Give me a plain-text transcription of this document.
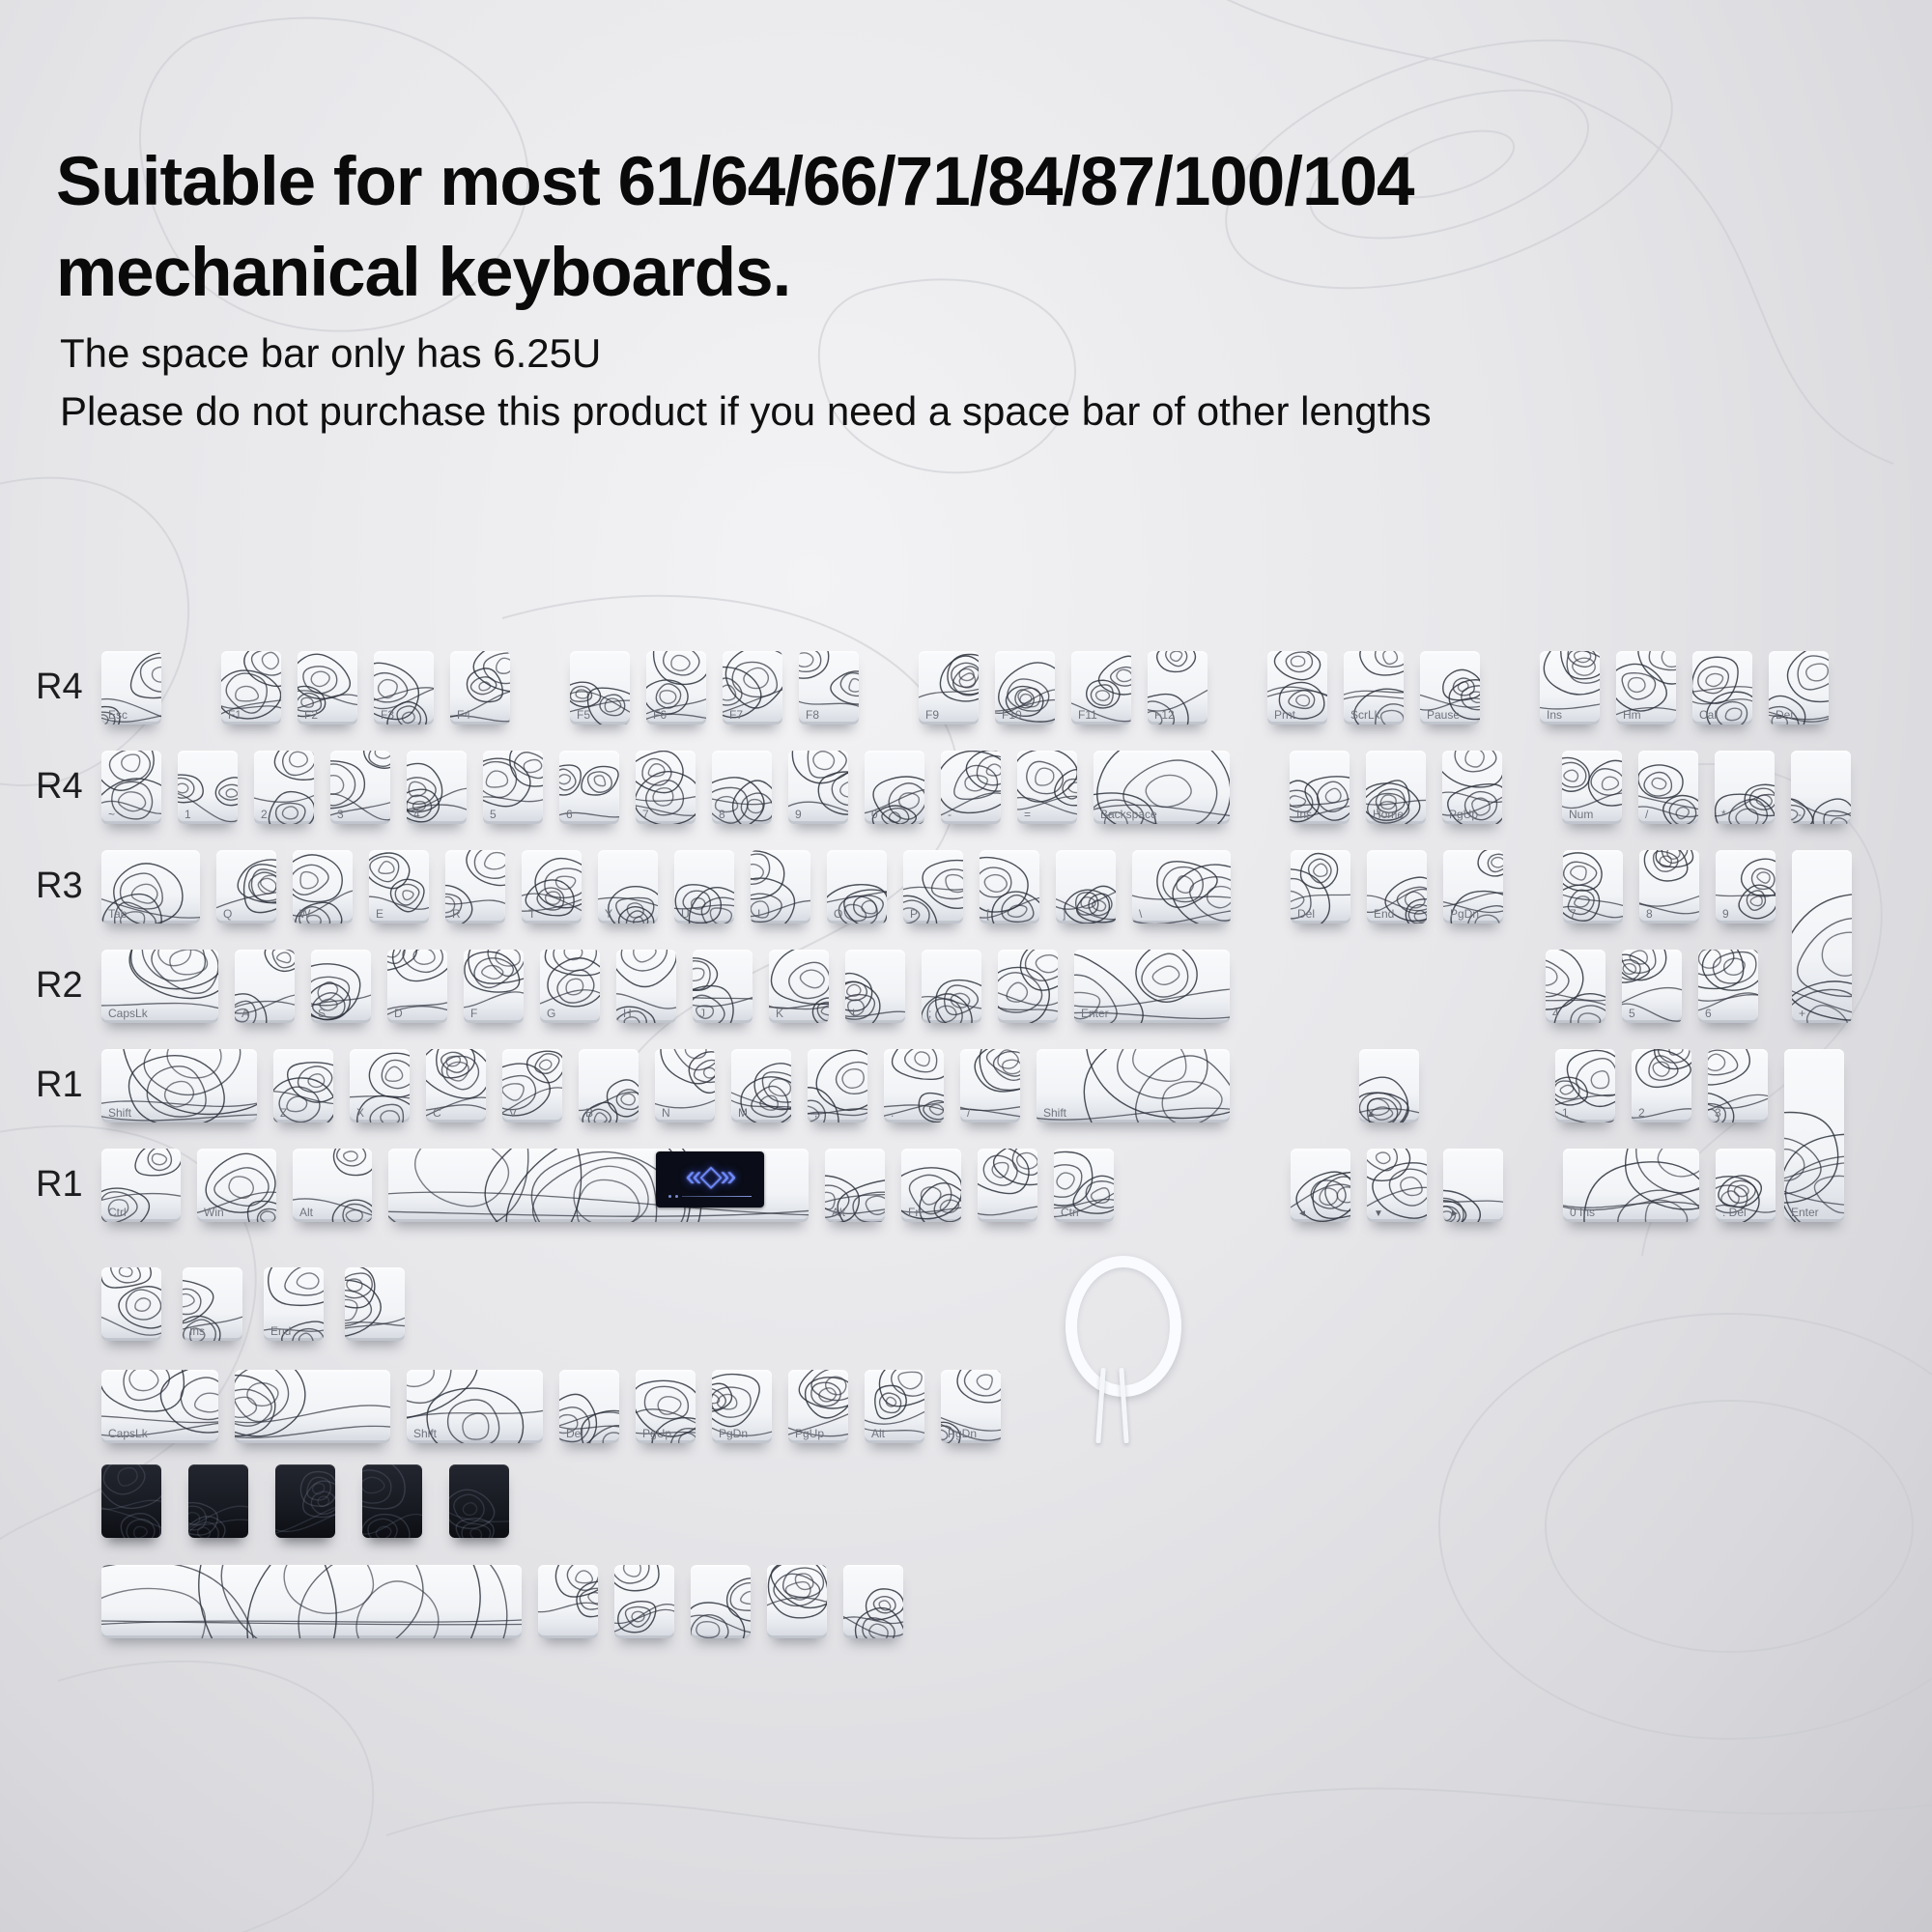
Suitable for most 61/64/66/71/84/87/100/104
mechanical keyboards.
The space bar only has 6.25U
Please do not purchase this product if you need a space bar of other lengths
R4
Esc	F1	F2	F3	F4	F5	F6	F7	F8	F9	F10	F11	F12	Prnt	ScrLk	Pause	Ins	Hm	Cal	Del
R4
~	1	2	3	4	5	6	7	8	9	0	-	=	Backspace	Ins	Home	PgUp	Num	/	*	-
R3
Tab	Q	W	E	R	T	Y	U	I	O	P	[	]	\	Del	End	PgDn	7	8	9
+
R2
CapsLk	A	S	D	F	G	H	J	K	L	;	'	Enter	4	5	6
R1
Shift	Z	X	C	V	B	N	M	,	.	/	Shift	▲	1	2	3
Enter
R1
Ctrl	Win	Alt
«◇»
Alt	Fn	Ctrl	◄	▼	►	0 Ins	. Del
Ins	End
CapsLk	Shift	Del	PgUp	PgDn	PgUp	Alt	PgDn
